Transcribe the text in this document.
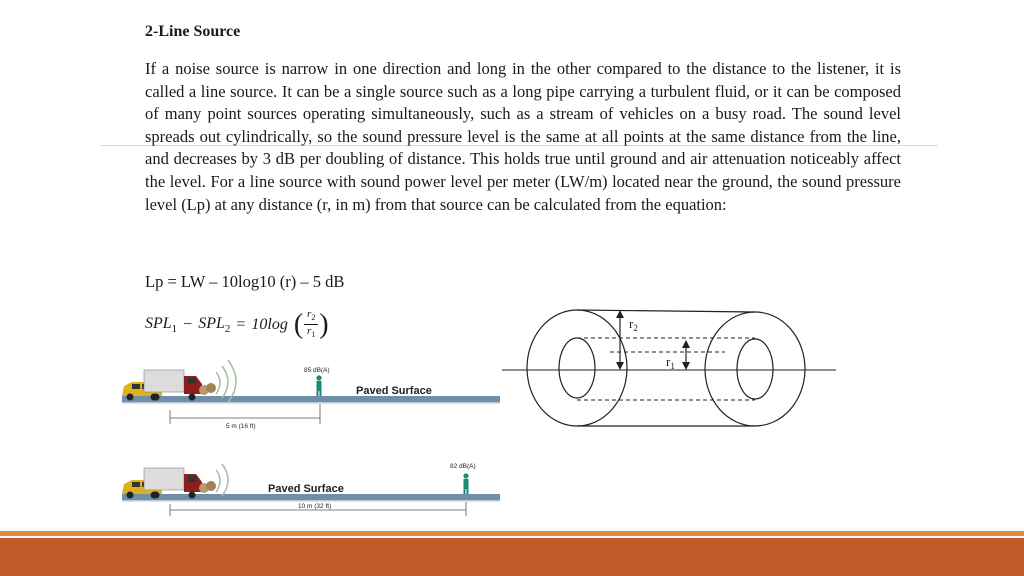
2-Line Source
If a noise source is narrow in one direction and long in the other compared to the distance to the listener, it is called a line source. It can be a single source such as a long pipe carrying a turbulent fluid, or it can be composed of many point sources operating simultaneously, such as a stream of vehicles on a busy road. The sound level spreads out cylindrically, so the sound pressure level is the same at all points at the same distance from the line, and decreases by 3 dB per doubling of distance. This holds true until ground and air attenuation noticeably affect the level. For a line source with sound power level per meter (LW/m) located near the ground, the sound pressure level (Lp) at any distance (r, in m) from that source can be calculated from the equation:
Lp = LW – 10log10 (r) – 5 dB
$SPL_1 - SPL_2 = 10\log$ ( $\frac{r_2}{r_1}$ )
85 dB(A)
Paved Surface
5 m (16 ft)
82 dB(A)
Paved Surface
10 m (32 ft)
$r_2$
$r_1$
